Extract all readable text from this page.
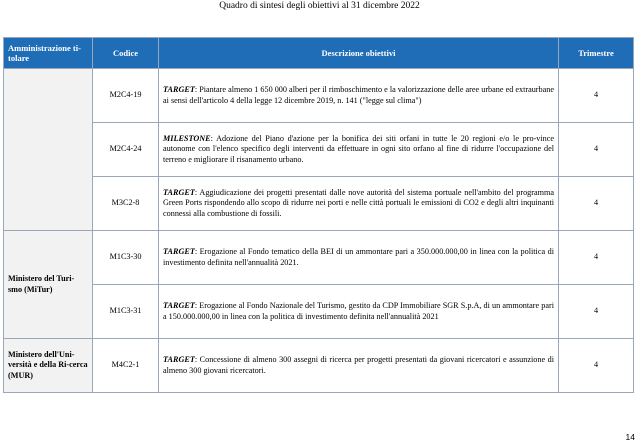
Quadro di sintesi degli obiettivi al 31 dicembre 2022
Amministrazione ti-tolare	Codice	Descrizione obiettivi	Trimestre
	M2C4-19	TARGET: Piantare almeno 1 650 000 alberi per il rimboschimento e la valorizzazione delle aree urbane ed extraurbane ai sensi dell'articolo 4 della legge 12 dicembre 2019, n. 141 ("legge sul clima")	4
	M2C4-24	MILESTONE: Adozione del Piano d'azione per la bonifica dei siti orfani in tutte le 20 regioni e/o le pro-vince autonome con l'elenco specifico degli interventi da effettuare in ogni sito orfano al fine di ridurre l'occupazione del terreno e migliorare il risanamento urbano.	4
	M3C2-8	TARGET: Aggiudicazione dei progetti presentati dalle nove autorità del sistema portuale nell'ambito del programma Green Ports rispondendo allo scopo di ridurre nei porti e nelle città portuali le emissioni di CO2 e degli altri inquinanti connessi alla combustione di fossili.	4
Ministero del Turi-smo (MiTur)	M1C3-30	TARGET: Erogazione al Fondo tematico della BEI di un ammontare pari a 350.000.000,00 in linea con la politica di investimento definita nell'annualità 2021.	4
	M1C3-31	TARGET: Erogazione al Fondo Nazionale del Turismo, gestito da CDP Immobiliare SGR S.p.A, di un ammontare pari a 150.000.000,00 in linea con la politica di investimento definita nell'annualità 2021	4
Ministero dell'Uni-versità e della Ri-cerca (MUR)	M4C2-1	TARGET: Concessione di almeno 300 assegni di ricerca per progetti presentati da giovani ricercatori e assunzione di almeno 300 giovani ricercatori.	4
14
